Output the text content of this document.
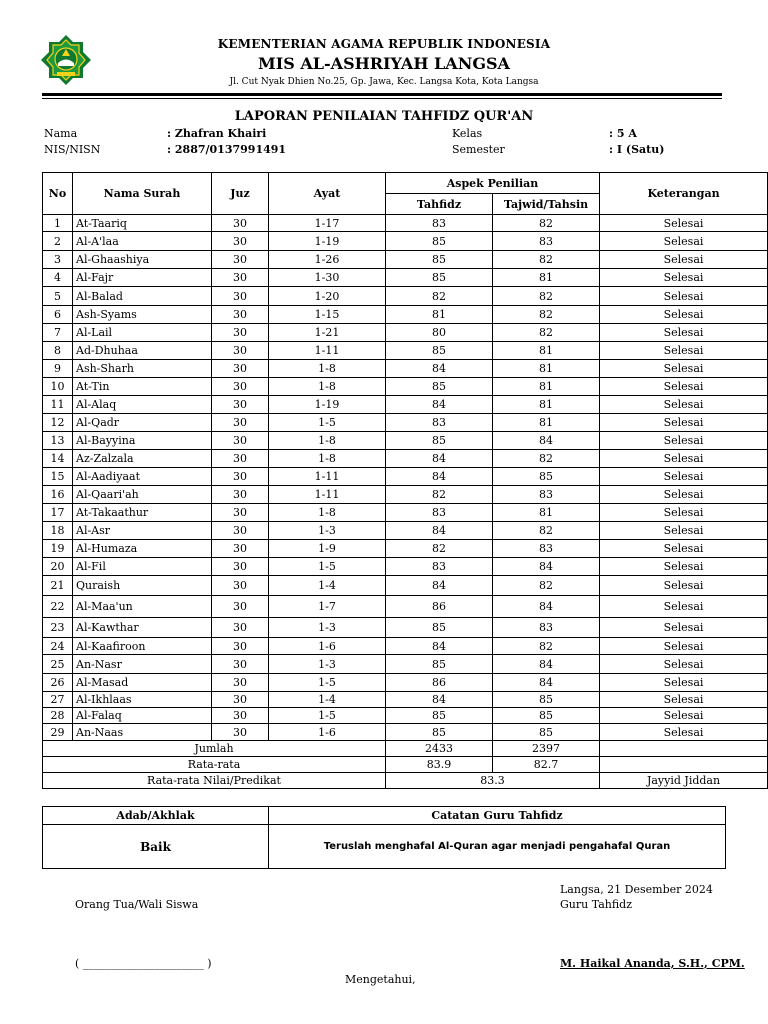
KEMENTERIAN AGAMA REPUBLIK INDONESIA
MIS AL-ASHRIYAH LANGSA
Jl. Cut Nyak Dhien No.25, Gp. Jawa, Kec. Langsa Kota, Kota Langsa
LAPORAN PENILAIAN TAHFIDZ QUR'AN
Nama	: Zhafran Khairi
NIS/NISN	: 2887/0137991491
Kelas	: 5 A
Semester	: I (Satu)
No	Nama Surah	Juz	Ayat	Aspek Penilian		Keterangan
				Tahfidz	Tajwid/Tahsin	
1	At-Taariq	30	1-17	83	82	Selesai
2	Al-A'laa	30	1-19	85	83	Selesai
3	Al-Ghaashiya	30	1-26	85	82	Selesai
4	Al-Fajr	30	1-30	85	81	Selesai
5	Al-Balad	30	1-20	82	82	Selesai
6	Ash-Syams	30	1-15	81	82	Selesai
7	Al-Lail	30	1-21	80	82	Selesai
8	Ad-Dhuhaa	30	1-11	85	81	Selesai
9	Ash-Sharh	30	1-8	84	81	Selesai
10	At-Tin	30	1-8	85	81	Selesai
11	Al-Alaq	30	1-19	84	81	Selesai
12	Al-Qadr	30	1-5	83	81	Selesai
13	Al-Bayyina	30	1-8	85	84	Selesai
14	Az-Zalzala	30	1-8	84	82	Selesai
15	Al-Aadiyaat	30	1-11	84	85	Selesai
16	Al-Qaari'ah	30	1-11	82	83	Selesai
17	At-Takaathur	30	1-8	83	81	Selesai
18	Al-Asr	30	1-3	84	82	Selesai
19	Al-Humaza	30	1-9	82	83	Selesai
20	Al-Fil	30	1-5	83	84	Selesai
21	Quraish	30	1-4	84	82	Selesai
22	Al-Maa'un	30	1-7	86	84	Selesai
23	Al-Kawthar	30	1-3	85	83	Selesai
24	Al-Kaafiroon	30	1-6	84	82	Selesai
25	An-Nasr	30	1-3	85	84	Selesai
26	Al-Masad	30	1-5	86	84	Selesai
27	Al-Ikhlaas	30	1-4	84	85	Selesai
28	Al-Falaq	30	1-5	85	85	Selesai
29	An-Naas	30	1-6	85	85	Selesai
Jumlah				2433	2397	
Rata-rata				83.9	82.7	
Rata-rata Nilai/Predikat				83.3		Jayyid Jiddan
Adab/Akhlak	Catatan Guru Tahfidz
Baik	Teruslah menghafal Al-Quran agar menjadi pengahafal Quran
Langsa, 21 Desember 2024
Guru Tahfidz
Orang Tua/Wali Siswa
( ______________________ )	M. Haikal Ananda, S.H., CPM.
Mengetahui,
